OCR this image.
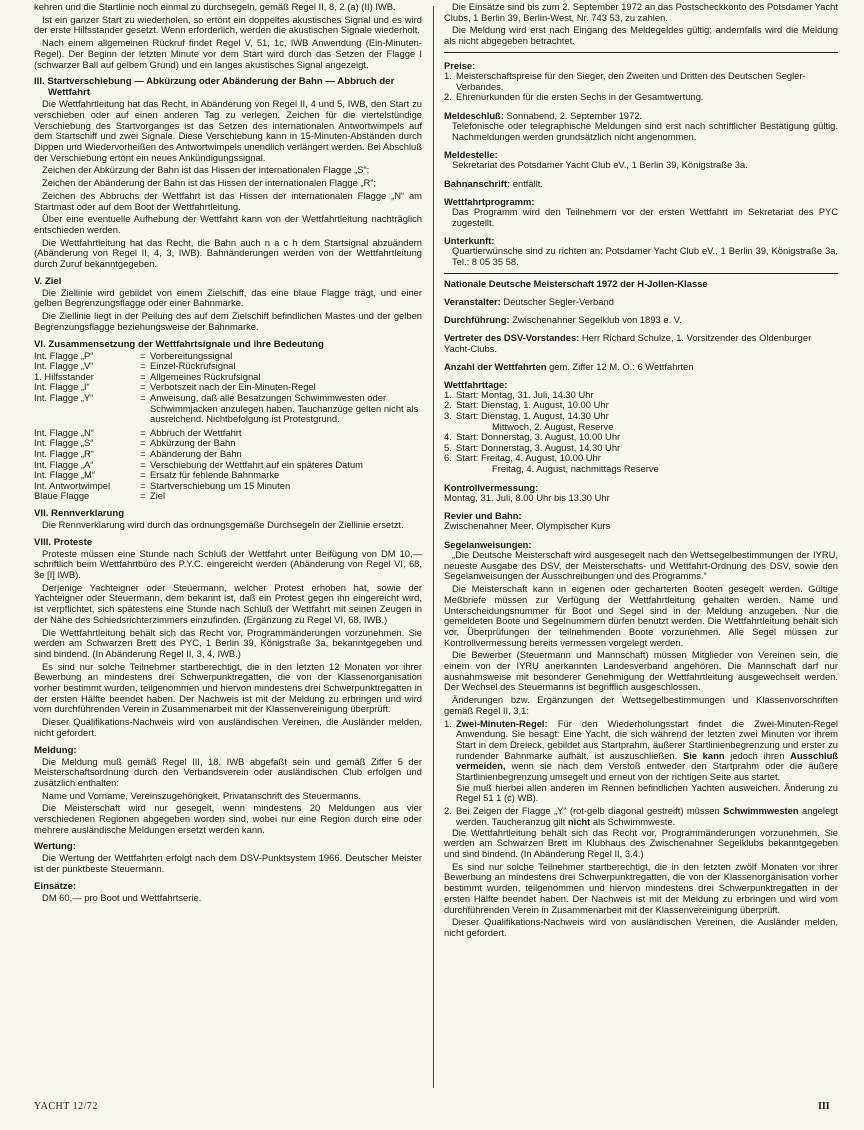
kehren und die Startlinie noch einmal zu durchsegeln, gemäß Regel II, 8, 2 (a) (II) IWB.

Ist ein ganzer Start zu wiederholen, so ertönt ein doppeltes akustisches Signal und es wird der erste Hilfsstander gesetzt. Wenn erforderlich, werden die akustischen Signale wiederholt.

Nach einem allgemeinen Rückruf findet Regel V, 51, 1c, IWB Anwendung (Ein-Minuten-Regel). Der Beginn der letzten Minute vor dem Start wird durch das Setzen der Flagge I (schwarzer Ball auf gelbem Grund) und ein langes akustisches Signal angezeigt.

III. Startverschiebung — Abkürzung oder Abänderung der Bahn — Abbruch der Wettfahrt

Die Wettfahrtleitung hat das Recht, in Abänderung von Regel II, 4 und 5, IWB, den Start zu verschieben oder auf einen anderen Tag zu verlegen. Zeichen für die viertelstündige Verschiebung des Startvorganges ist das Setzen des internationalen Antwortwimpels auf dem Startschiff und zwei Signale. Diese Verschiebung kann in 15-Minuten-Abständen durch Dippen und Wiedervorheißen des Antwortwimpels unendlich verlängert werden. Bei Abschluß der Verschiebung ertönt ein neues Ankündigungssignal.

Zeichen der Abkürzung der Bahn ist das Hissen der internationalen Flagge „S“;

Zeichen der Abänderung der Bahn ist das Hissen der internationalen Flagge „R“;

Zeichen des Abbruchs der Wettfahrt ist das Hissen der internationalen Flagge „N“ am Startmast oder auf dem Boot der Wettfahrtleitung.

Über eine eventuelle Aufhebung der Wettfahrt kann von der Wettfahrtleitung nachträglich entschieden werden.

Die Wettfahrtleitung hat das Recht, die Bahn auch n a c h dem Startsignal abzuändern (Abänderung von Regel II, 4, 3, IWB). Bahnänderungen werden von der Wettfahrtleitung durch Zuruf bekanntgegeben.

V. Ziel

Die Ziellinie wird gebildet von einem Zielschiff, das eine blaue Flagge trägt, und einer gelben Begrenzungsflagge oder einer Bahnmarke.

Die Ziellinie liegt in der Peilung des auf dem Zielschiff befindlichen Mastes und der gelben Begrenzungsflagge beziehungsweise der Bahnmarke.

VI. Zusammensetzung der Wettfahrtsignale und ihre Bedeutung
Int. Flagge „P“	= Vorbereitungssignal
Int. Flagge „V“	= Einzel-Rückrufsignal
1. Hilfsstander	= Allgemeines Rückrufsignal
Int. Flagge „I“	= Verbotszeit nach der Ein-Minuten-Regel
Int. Flagge „Y“	= Anweisung, daß alle Besatzungen Schwimmwesten oder Schwimmjacken anzulegen haben. Tauchanzüge gelten nicht als ausreichend. Nichtbefolgung ist Protestgrund.
Int. Flagge „N“	= Abbruch der Wettfahrt
Int. Flagge „S“	= Abkürzung der Bahn
Int. Flagge „R“	= Abänderung der Bahn
Int. Flagge „A“	= Verschiebung der Wettfahrt auf ein späteres Datum
Int. Flagge „M“	= Ersatz für fehlende Bahnmarke
Int. Antwortwimpel	= Startverschiebung um 15 Minuten
Blaue Flagge	= Ziel
VII. Rennverklarung

Die Rennverklarung wird durch das ordnungsgemäße Durchsegeln der Ziellinie ersetzt.

VIII. Proteste

Proteste müssen eine Stunde nach Schluß der Wettfahrt unter Beifügung von DM 10,— schriftlich beim Wettfahrtbüro des P.Y.C. eingereicht werden (Abänderung von Regel VI, 68, 3e [I] IWB).

Derjenige Yachteigner oder Steuermann, welcher Protest erhoben hat, sowie der Yachteigner oder Steuermann, dem bekannt ist, daß ein Protest gegen ihn eingereicht wird, ist verpflichtet, sich spätestens eine Stunde nach Schluß der Wettfahrt mit seinen Zeugen in der Nähe des Schiedsrichterzimmers einzufinden. (Ergänzung zu Regel VI, 68, IWB.)

Die Wettfahrtleitung behält sich das Recht vor, Programmänderungen vorzunehmen. Sie werden am Schwarzen Brett des PYC, 1 Berlin 39, Königstraße 3a, bekanntgegeben und sind bindend. (In Abänderung Regel II, 3, 4, IWB.)

Es sind nur solche Teilnehmer startberechtigt, die in den letzten 12 Monaten vor ihrer Bewerbung an mindestens drei Schwerpunktregatten, die von der Klassenorganisation vorher bestimmt wurden, teilgenommen und hiervon mindestens drei Schwerpunktregatten in der ersten Hälfte beendet haben. Der Nachweis ist mit der Meldung zu erbringen und wird vom durchführenden Verein in Zusammenarbeit mit der Klassenvereinigung überprüft.

Dieser Qualifikations-Nachweis wird von ausländischen Vereinen, die Ausländer melden, nicht gefordert.

Meldung:

Die Meldung muß gemäß Regel III, 18, IWB abgefaßt sein und gemäß Ziffer 5 der Meisterschaftsordnung durch den Verbandsverein oder ausländischen Club erfolgen und zusätzlich enthalten:

Name und Vorname, Vereinszugehörigkeit, Privatanschrift des Steuermanns.

Die Meisterschaft wird nur gesegelt, wenn mindestens 20 Meldungen aus vier verschiedenen Regionen abgegeben worden sind, wobei nur eine Region durch eine oder mehrere ausländische Meldungen ersetzt werden kann.

Wertung:

Die Wertung der Wettfahrten erfolgt nach dem DSV-Punktsystem 1966. Deutscher Meister ist der punktbeste Steuermann.

Einsätze:

DM 60,— pro Boot und Wettfahrtserie.

Die Einsätze sind bis zum 2. September 1972 an das Postscheckkonto des Potsdamer Yacht Clubs, 1 Berlin 39, Berlin-West, Nr. 743 53, zu zahlen.

Die Meldung wird erst nach Eingang des Meldegeldes gültig; andernfalls wird die Meldung als nicht abgegeben betrachtet.

Preise:
1. Meisterschaftspreise für den Sieger, den Zweiten und Dritten des Deutschen Segler-Verbandes.
2. Ehrenurkunden für die ersten Sechs in der Gesamtwertung.
Meldeschluß: Sonnabend, 2. September 1972.

Telefonische oder telegraphische Meldungen sind erst nach schriftlicher Bestätigung gültig. Nachmeldungen werden grundsätzlich nicht angenommen.

Meldestelle:

Sekretariat des Potsdamer Yacht Club eV., 1 Berlin 39, Königstraße 3a.

Bahnanschrift: entfällt.
Wettfahrtprogramm:

Das Programm wird den Teilnehmern vor der ersten Wettfahrt im Sekretariat des PYC zugestellt.

Unterkunft:

Quartierwünsche sind zu richten an: Potsdamer Yacht Club eV., 1 Berlin 39, Königstraße 3a, Tel.: 8 05 35 58.

Nationale Deutsche Meisterschaft 1972 der H-Jollen-Klasse
Veranstalter: Deutscher Segler-Verband
Durchführung: Zwischenahner Segelklub von 1893 e. V.
Vertreter des DSV-Vorstandes: Herr Richard Schulze, 1. Vorsitzender des Oldenburger Yacht-Clubs.
Anzahl der Wettfahrten gem. Ziffer 12 M. O.: 6 Wettfahrten
Wettfahrttage:
1. Start: Montag, 31. Juli, 14.30 Uhr
2. Start: Dienstag, 1. August, 10.00 Uhr
3. Start: Dienstag, 1. August, 14.30 Uhr
Mittwoch, 2. August, Reserve
4. Start: Donnerstag, 3. August, 10.00 Uhr
5. Start: Donnerstag, 3. August, 14.30 Uhr
6. Start: Freitag, 4. August, 10.00 Uhr
Freitag, 4. August, nachmittags Reserve
Kontrollvermessung:

Montag, 31. Juli, 8.00 Uhr bis 13.30 Uhr

Revier und Bahn:

Zwischenahner Meer, Olympischer Kurs

Segelanweisungen:

„Die Deutsche Meisterschaft wird ausgesegelt nach den Wettsegelbestimmungen der IYRU, neueste Ausgabe des DSV, der Meisterschafts- und Wettfahrt-Ordnung des DSV, sowie den Segelanweisungen der Ausschreibungen und des Programms.“

Die Meisterschaft kann in eigenen oder gecharterten Booten gesegelt werden. Gültige Meßbriefe müssen zur Verfügung der Wettfahrtleitung gehalten werden. Name und Unterscheidungsnummer für Boot und Segel sind in der Meldung anzugeben. Nur die gemeldeten Boote und Segelnummern dürfen benutzt werden. Die Wettfahrtleitung behält sich vor, Überprüfungen der teilnehmenden Boote vorzunehmen. Alle Segel müssen zur Kontrollvermessung bereits vermessen vorgelegt werden.

Die Bewerber (Steuermann und Mannschaft) müssen Mitglieder von Vereinen sein, die einem von der IYRU anerkannten Landesverband angehören. Die Mannschaft darf nur ausnahmsweise mit besonderer Genehmigung der Wettfahrtleitung ausgewechselt werden. Der Wechsel des Steuermanns ist begrifflich ausgeschlossen.

Änderungen bzw. Ergänzungen der Wettsegelbestimmungen und Klassenvorschriften gemäß Regel II, 3,1:

1. Zwei-Minuten-Regel: Für den Wiederholungsstart findet die Zwei-Minuten-Regel Anwendung. Sie besagt: Eine Yacht, die sich während der letzten zwei Minuten vor ihrem Start in dem Dreieck, gebildet aus Startprahm, äußerer Startlinienbegrenzung und erster zu rundender Bahnmarke aufhält, ist auszuschließen. Sie kann jedoch ihren Ausschluß vermeiden, wenn sie nach dem Verstoß entweder den Startprahm oder die äußere Startlinienbegrenzung umsegelt und erneut von der richtigen Seite aus startet.
Sie muß hierbei allen anderen im Rennen befindlichen Yachten ausweichen. Änderung zu Regel 51 1 (c) WB).
2. Bei Zeigen der Flagge „Y“ (rot-gelb diagonal gestreift) müssen Schwimmwesten angelegt werden. Taucheranzug gilt nicht als Schwimmweste.

Die Wettfahrtleitung behält sich das Recht vor, Programmänderungen vorzunehmen. Sie werden am Schwarzen Brett im Klubhaus des Zwischenahner Segelklubs bekanntgegeben und sind bindend. (In Abänderung Regel II, 3.4.)

Es sind nur solche Teilnehmer startberechtigt, die in den letzten zwölf Monaten vor ihrer Bewerbung an mindestens drei Schwerpunktregatten, die von der Klassenorganisation vorher bestimmt wurden, teilgenommen und hiervon mindestens drei Schwerpunktregatten in der ersten Hälfte beendet haben. Der Nachweis ist mit der Meldung zu erbringen und wird vom durchführenden Verein in Zusammenarbeit mit der Klassenvereinigung überprüft.

Dieser Qualifikations-Nachweis wird von ausländischen Vereinen, die Ausländer melden, nicht gefordert.

YACHT 12/72	III
